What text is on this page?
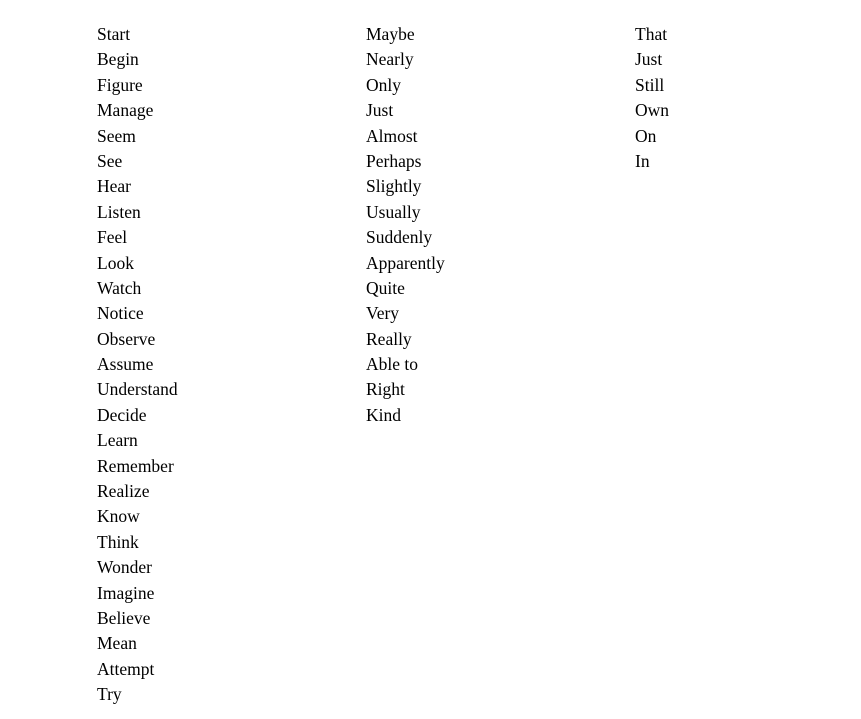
Start
Begin
Figure
Manage
Seem
See
Hear
Listen
Feel
Look
Watch
Notice
Observe
Assume
Understand
Decide
Learn
Remember
Realize
Know
Think
Wonder
Imagine
Believe
Mean
Attempt
Try
Maybe
Nearly
Only
Just
Almost
Perhaps
Slightly
Usually
Suddenly
Apparently
Quite
Very
Really
Able to
Right
Kind
That
Just
Still
Own
On
In
